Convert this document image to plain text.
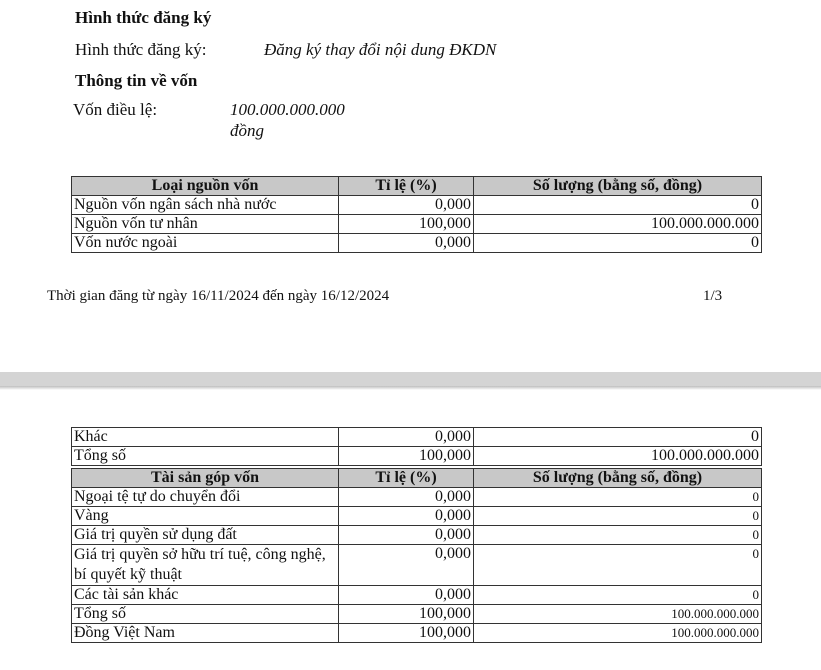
Hình thức đăng ký
Hình thức đăng ký:	Đăng ký thay đổi nội dung ĐKDN
Thông tin về vốn
Vốn điều lệ:	100.000.000.000
đồng
Loại nguồn vốn	Tỉ lệ (%)	Số lượng (bằng số, đồng)
Nguồn vốn ngân sách nhà nước	0,000	0
Nguồn vốn tư nhân	100,000	100.000.000.000
Vốn nước ngoài	0,000	0
Thời gian đăng từ ngày 16/11/2024 đến ngày 16/12/2024	1/3
Khác	0,000	0
Tổng số	100,000	100.000.000.000
Tài sản góp vốn	Tỉ lệ (%)	Số lượng (bằng số, đồng)
Ngoại tệ tự do chuyển đổi	0,000	0
Vàng	0,000	0
Giá trị quyền sử dụng đất	0,000	0
Giá trị quyền sở hữu trí tuệ, công nghệ, bí quyết kỹ thuật	0,000	0
Các tài sản khác	0,000	0
Tổng số	100,000	100.000.000.000
Đồng Việt Nam	100,000	100.000.000.000
